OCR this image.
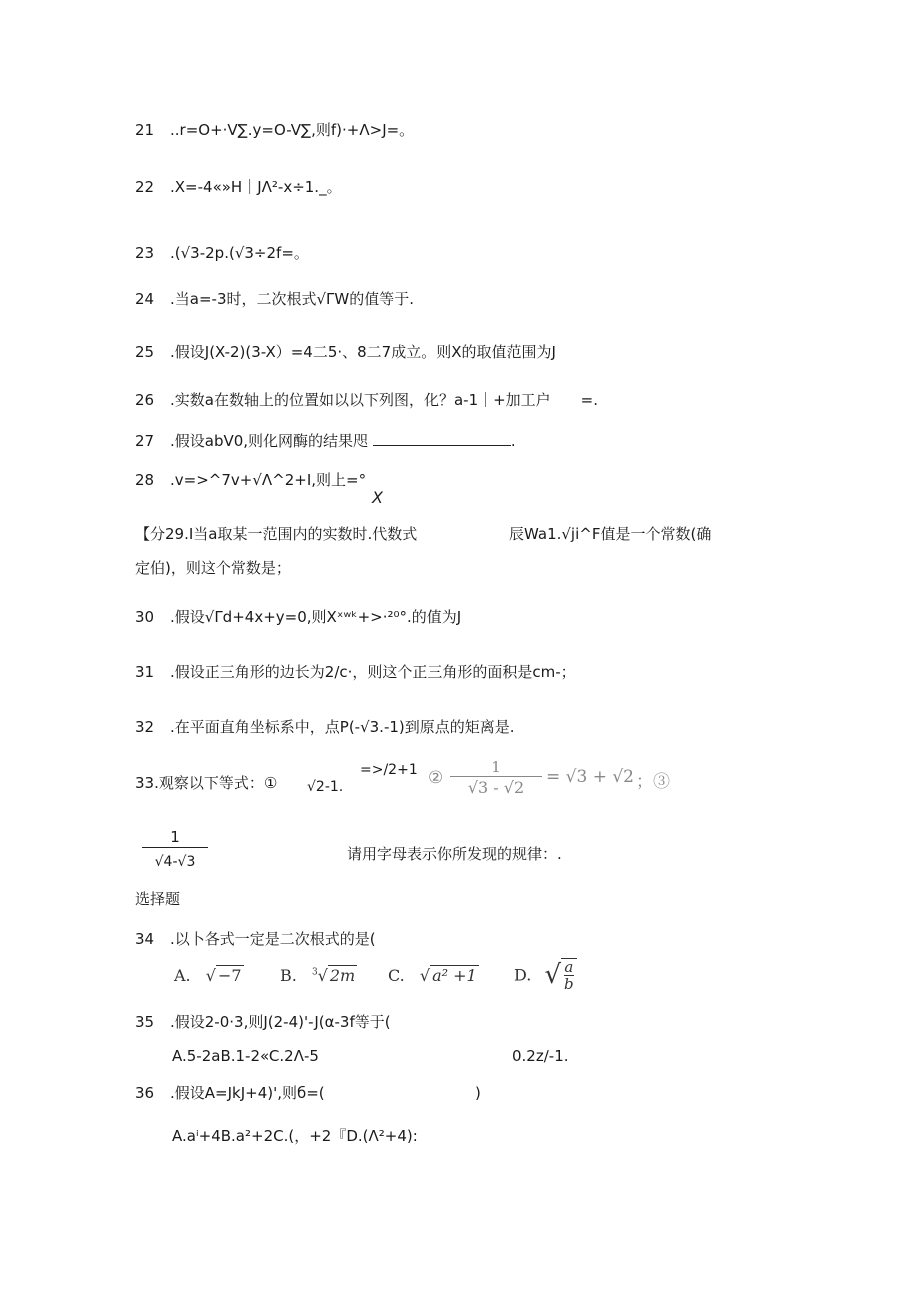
21 ..r=O+·V∑.y=O-V∑,则f)·+Λ>J=。
22 .X=-4«»H｜JΛ²-x÷1._。
23 .(√3-2p.(√3÷2f=。
24 .当a=-3时，二次根式√ΓW的值等于.
25 .假设J(X-2)(3-X）=4二5·、8二7成立。则X的取值范围为J
26 .实数a在数轴上的位置如以以下列图，化？a-1｜+加工户　　=.
27 .假设abV0,则化网酶的结果咫	.
28 .v=>^7v+√Λ^2+I,则上=°
X
【分29.I当a取某一范围内的实数时.代数式	辰Wa1.√ji^F值是一个常数(确
定伯)，则这个常数是；
30 .假设√Γd+4x+y=0,则Xˣʷᵏ+>·²⁰°.的值为J
31 .假设正三角形的边长为2/c·，则这个正三角形的面积是cm-；
32 .在平面直角坐标系中，点P(-√3.-1)到原点的矩离是.
33.观察以下等式：① √2-1.
=>/2+1 ② $\frac{1}{√3 - √2} = √3 + √2$ ；③
$\frac{1}{√4-√3}$	请用字母表示你所发现的规律：.
选择题
34 .以卜各式一定是二次根式的是(
A. √ −7 B. $^3$√ 2m C. √ a² +1 D. √ $\frac{a}{b}$
35 .假设2-0·3,则J(2-4)'-J(α-3f等于(
A.5-2aB.1-2«C.2Λ-5	0.2z∕-1.
36 .假设A=JkJ+4)',则б=(	)
A.aⁱ+4B.a²+2C.(，+2『D.(Λ²+4):
